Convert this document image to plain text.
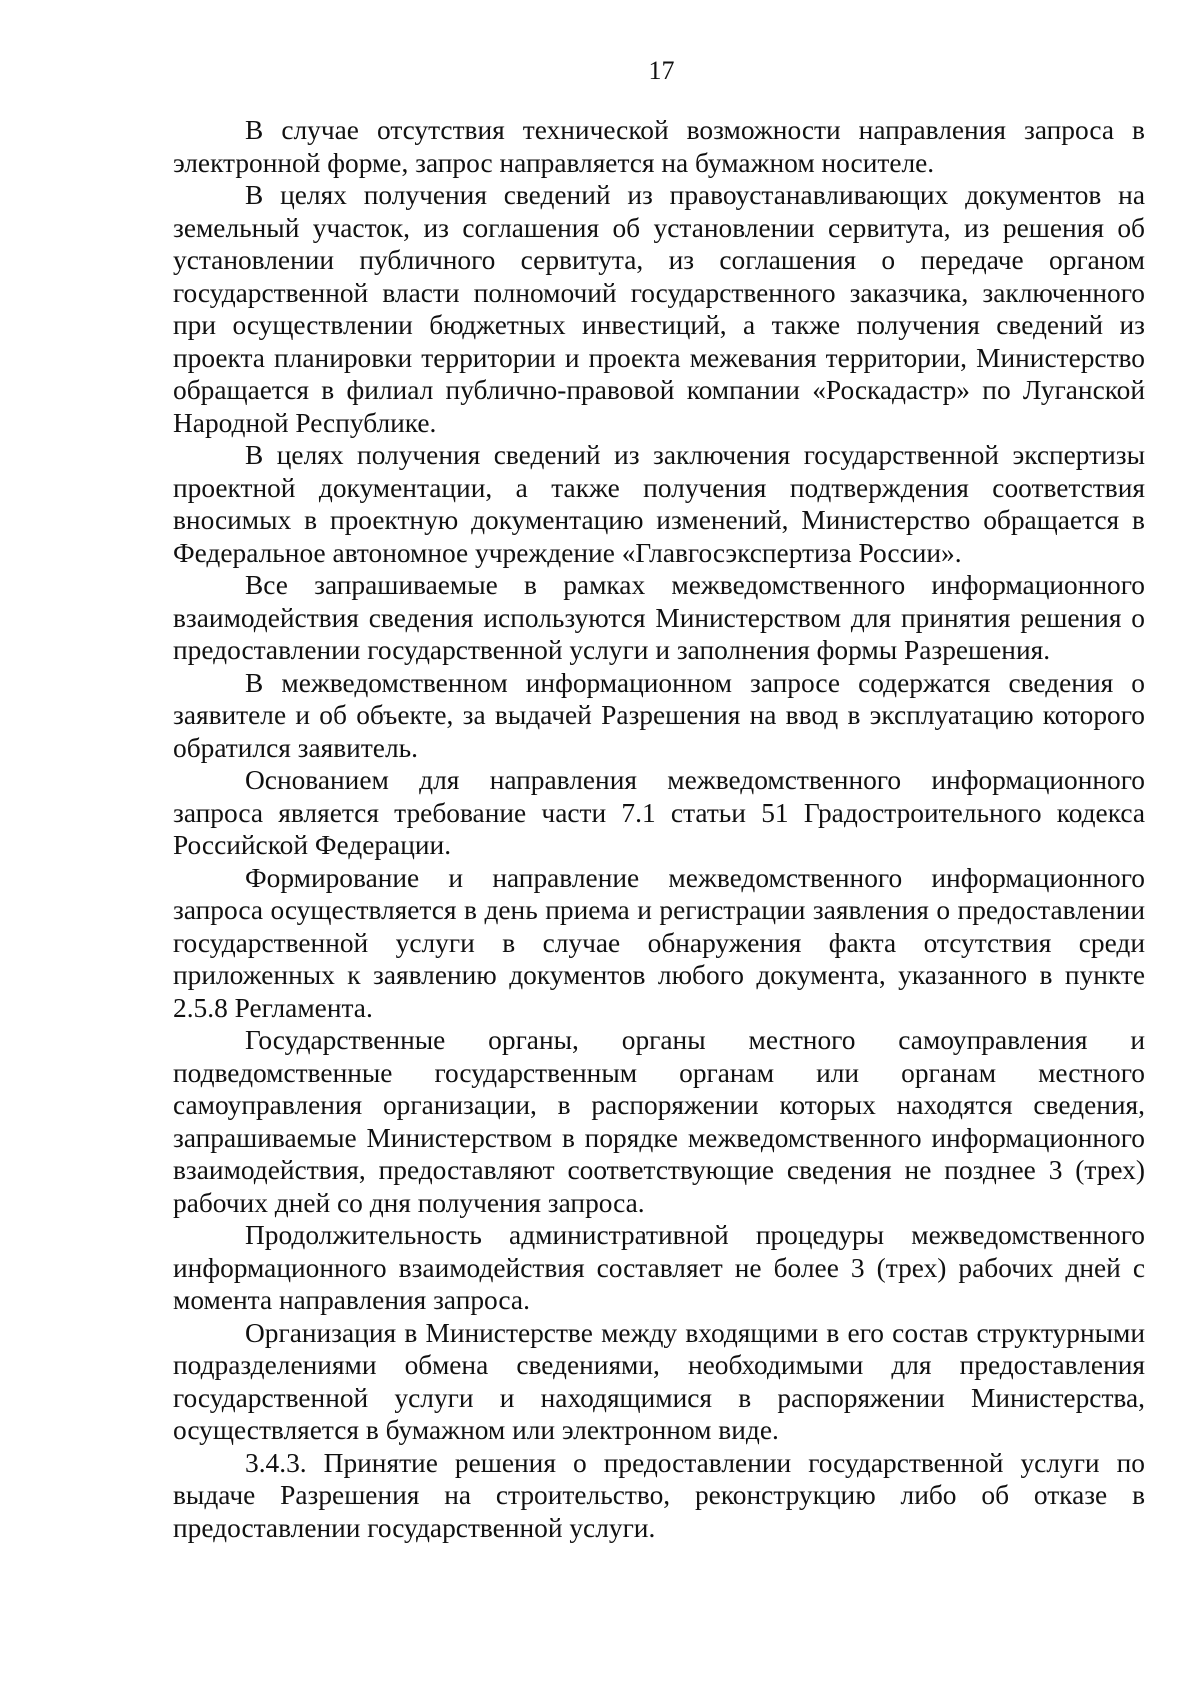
17

В случае отсутствия технической возможности направления запроса в электронной форме, запрос направляется на бумажном носителе.

В целях получения сведений из правоустанавливающих документов на земельный участок, из соглашения об установлении сервитута, из решения об установлении публичного сервитута, из соглашения о передаче органом государственной власти полномочий государственного заказчика, заключенного при осуществлении бюджетных инвестиций, а также получения сведений из проекта планировки территории и проекта межевания территории, Министерство обращается в филиал публично-правовой компании «Роскадастр» по Луганской Народной Республике.

В целях получения сведений из заключения государственной экспертизы проектной документации, а также получения подтверждения соответствия вносимых в проектную документацию изменений, Министерство обращается в Федеральное автономное учреждение «Главгосэкспертиза России».

Все запрашиваемые в рамках межведомственного информационного взаимодействия сведения используются Министерством для принятия решения о предоставлении государственной услуги и заполнения формы Разрешения.

В межведомственном информационном запросе содержатся сведения о заявителе и об объекте, за выдачей Разрешения на ввод в эксплуатацию которого обратился заявитель.

Основанием для направления межведомственного информационного запроса является требование части 7.1 статьи 51 Градостроительного кодекса Российской Федерации.

Формирование и направление межведомственного информационного запроса осуществляется в день приема и регистрации заявления о предоставлении государственной услуги в случае обнаружения факта отсутствия среди приложенных к заявлению документов любого документа, указанного в пункте 2.5.8 Регламента.

Государственные органы, органы местного самоуправления и подведомственные государственным органам или органам местного самоуправления организации, в распоряжении которых находятся сведения, запрашиваемые Министерством в порядке межведомственного информационного взаимодействия, предоставляют соответствующие сведения не позднее 3 (трех) рабочих дней со дня получения запроса.

Продолжительность административной процедуры межведомственного информационного взаимодействия составляет не более 3 (трех) рабочих дней с момента направления запроса.

Организация в Министерстве между входящими в его состав структурными подразделениями обмена сведениями, необходимыми для предоставления государственной услуги и находящимися в распоряжении Министерства, осуществляется в бумажном или электронном виде.

3.4.3. Принятие решения о предоставлении государственной услуги по выдаче Разрешения на строительство, реконструкцию либо об отказе в предоставлении государственной услуги.
